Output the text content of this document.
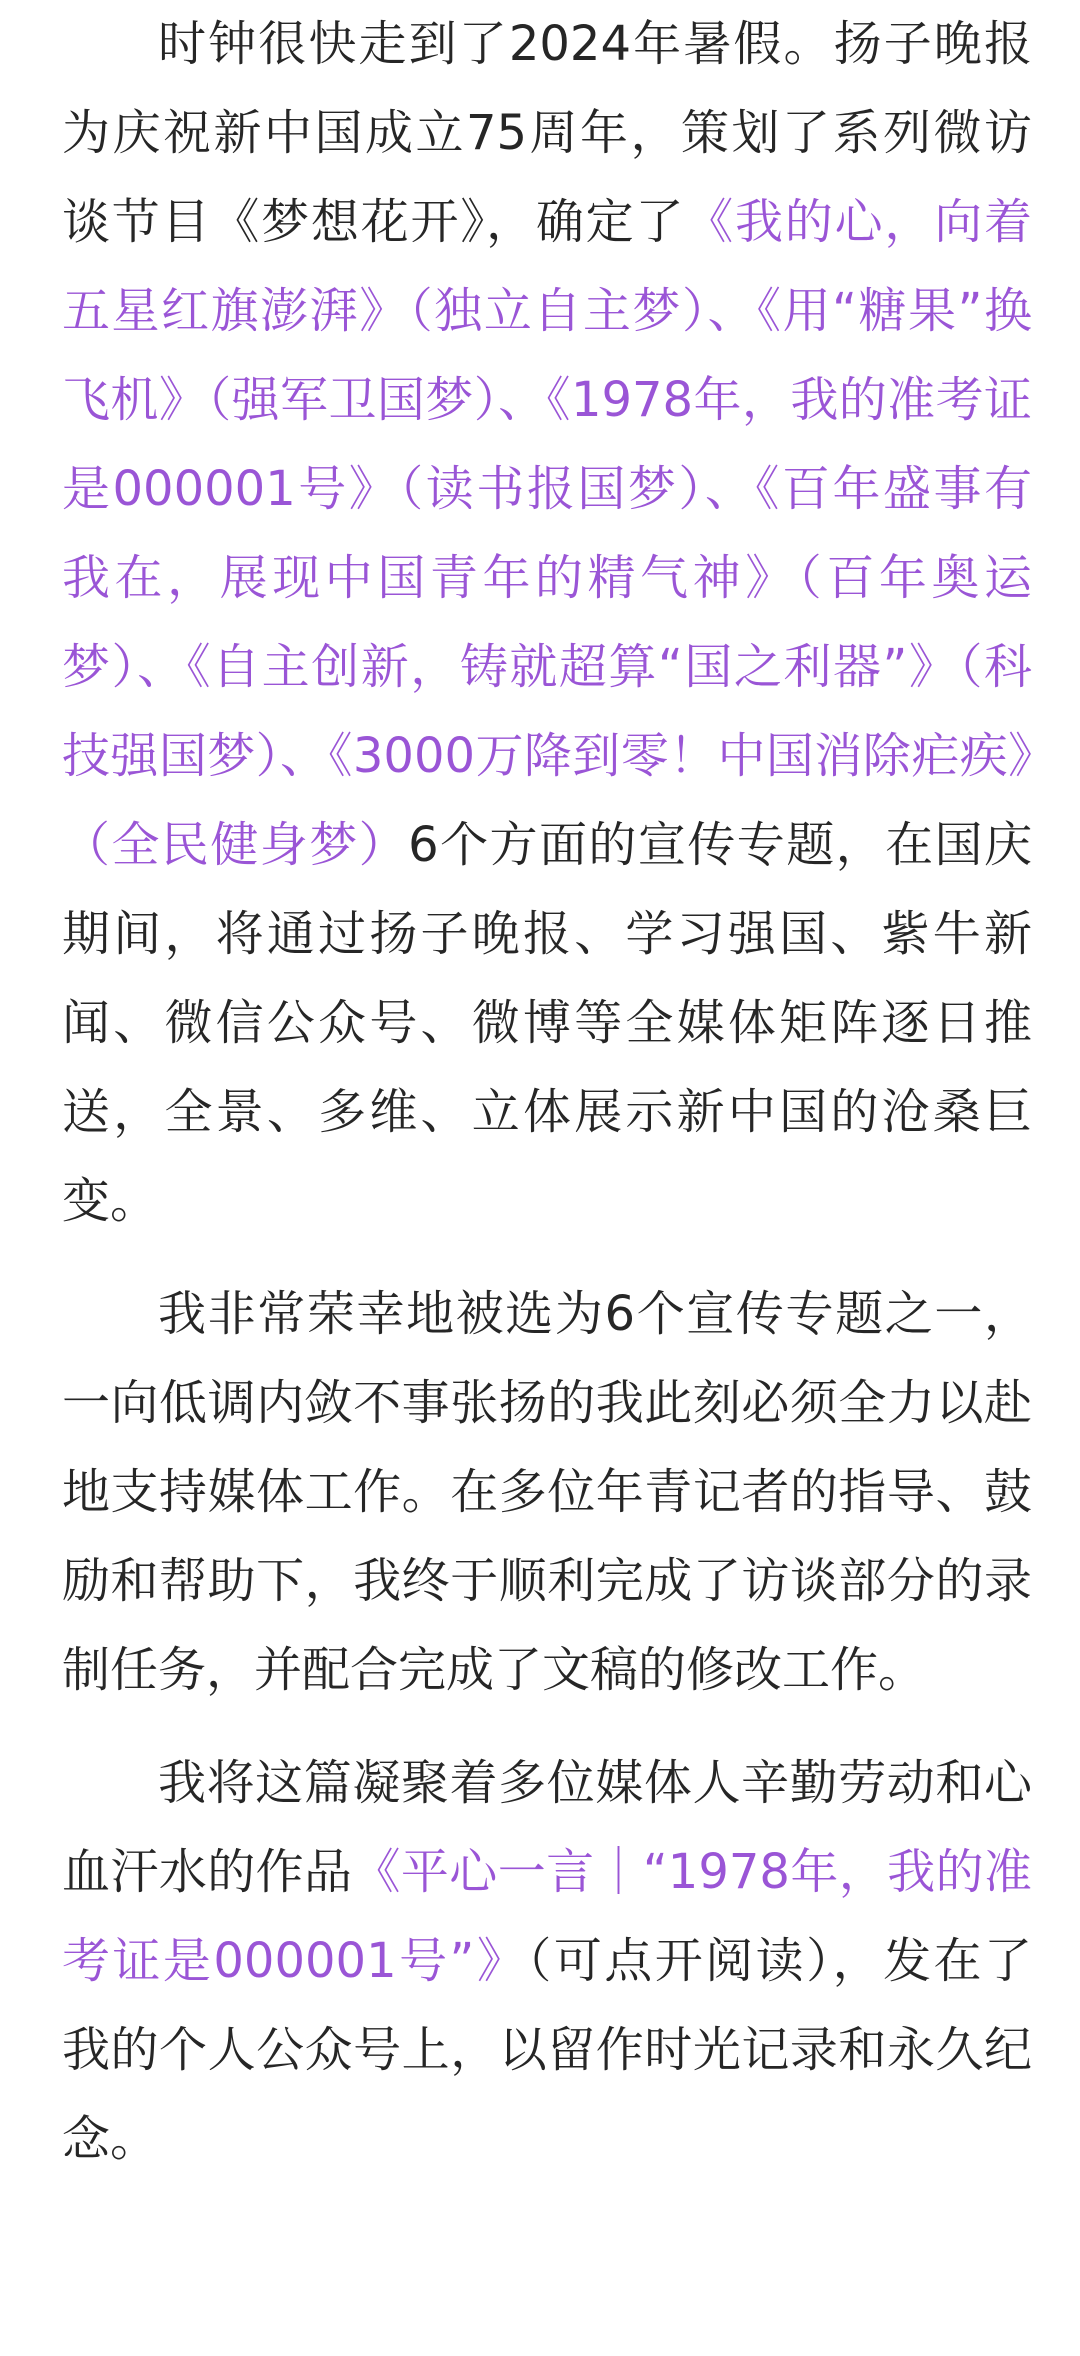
时钟很快走到了2024年暑假。扬子晚报为庆祝新中国成立75周年，策划了系列微访谈节目《梦想花开》，确定了《我的心，向着五星红旗澎湃》（独立自主梦）、《用“糖果”换飞机》（强军卫国梦）、《1978年，我的准考证是000001号》（读书报国梦）、《百年盛事有我在，展现中国青年的精气神》（百年奥运梦）、《自主创新，铸就超算“国之利器”》（科技强国梦）、《3000万降到零！中国消除疟疾》（全民健身梦）6个方面的宣传专题，在国庆期间，将通过扬子晚报、学习强国、紫牛新闻、微信公众号、微博等全媒体矩阵逐日推送，全景、多维、立体展示新中国的沧桑巨变。

我非常荣幸地被选为6个宣传专题之一，一向低调内敛不事张扬的我此刻必须全力以赴地支持媒体工作。在多位年青记者的指导、鼓励和帮助下，我终于顺利完成了访谈部分的录制任务，并配合完成了文稿的修改工作。

我将这篇凝聚着多位媒体人辛勤劳动和心血汗水的作品《平心一言｜“1978年，我的准考证是000001号”》（可点开阅读），发在了我的个人公众号上，以留作时光记录和永久纪念。
